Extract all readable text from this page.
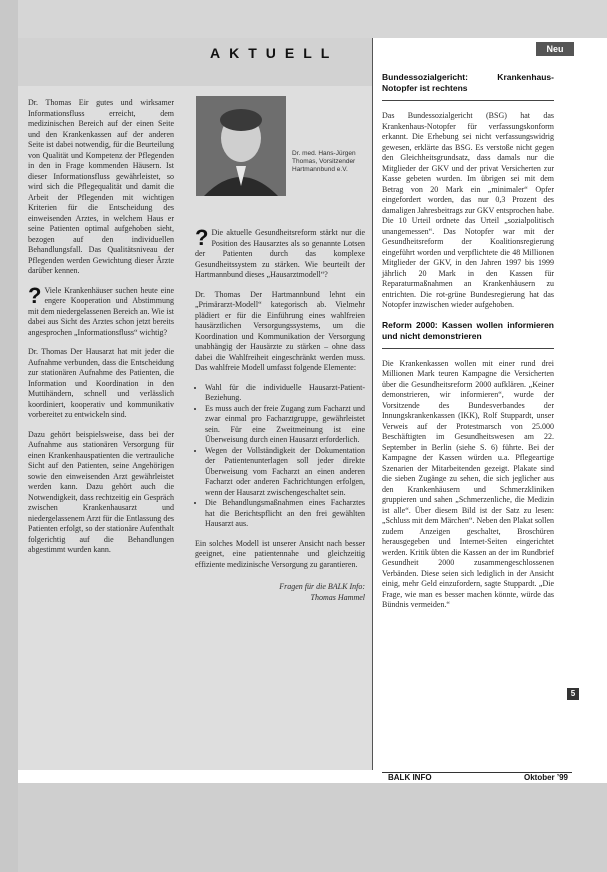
AKTUELL	Neu

Dr. Thomas Eir gutes und wirksamer Informationsfluss erreicht, dem medizinischen Bereich auf der einen Seite und den Krankenkassen auf der anderen Seite ist dabei notwendig, für die Beurteilung von Qualität und Kompetenz der Pflegenden in den in Frage kommenden Häusern. Ist dieser Informationsfluss gewährleistet, so wird sich die Pflegequalität und damit die Arbeit der Pflegenden mit wichtigen Kriterien für die Entscheidung des einweisenden Arztes, in welchem Haus er seine Patienten optimal aufgehoben sieht, bezogen auf den individuellen Behandlungsfall. Das Qualitätsniveau der Pflegenden werden Gewichtung dieser Ärzte darüber kennen.

? Viele Krankenhäuser suchen heute eine engere Kooperation und Abstimmung mit dem niedergelassenen Bereich an. Wie ist dabei aus Sicht des Arztes schon jetzt bereits angesprochen „Informationsfluss“ wichtig?

Dr. Thomas Der Hausarzt hat mit jeder die Aufnahme verbunden, dass die Entscheidung zur stationären Aufnahme des Patienten, die Information und Koordination in den Muttihändern, schnell und verlässlich koordiniert, kooperativ und kommunikativ vorbereitet zu entwickeln sind.

Dazu gehört beispielsweise, dass bei der Aufnahme aus stationären Versorgung für einen Krankenhauspatienten die vertrauliche Sicht auf den Patienten, seine Angehörigen sowie den einweisenden Arzt gewährleistet werden kann. Dazu gehört auch die Notwendigkeit, dass rechtzeitig ein Gespräch zwischen Krankenhausarzt und niedergelassenem Arzt für die Entlassung des Patienten erfolgt, so der stationäre Aufenthalt folgerichtig auf die Behandlungen abgestimmt wurden kann.

Dr. med. Hans-Jürgen Thomas, Vorsitzender Hartmannbund e.V.

? Die aktuelle Gesundheitsreform stärkt nur die Position des Hausarztes als so genannte Lotsen der Patienten durch das komplexe Gesundheitssystem zu stärken. Wie beurteilt der Hartmannbund dieses „Hausarztmodell“?

Dr. Thomas Der Hartmannbund lehnt ein „Primärarzt-Modell“ kategorisch ab. Vielmehr plädiert er für die Einführung eines wahlfreien hausärztlichen Versorgungssystems, um die Koordination und Kommunikation der Versorgung unabhängig der Hausärzte zu stärken – ohne dass dabei die Wahlfreiheit eingeschränkt werden muss. Das wahlfreie Modell umfasst folgende Elemente:

• Wahl für die individuelle Hausarzt-Patient-Beziehung.
• Es muss auch der freie Zugang zum Facharzt und zwar einmal pro Facharztgruppe, gewährleistet sein. Für eine Zweitmeinung ist eine Überweisung durch einen Hausarzt erforderlich.
• Wegen der Vollständigkeit der Dokumentation der Patientenunterlagen soll jeder direkte Überweisung vom Facharzt an einen anderen Facharzt oder anderen Fachrichtungen erfolgen, wenn der Hausarzt zwischengeschaltet sein.
• Die Behandlungsmaßnahmen eines Facharztes hat die Berichtspflicht an den frei gewählten Hausarzt aus.

Ein solches Modell ist unserer Ansicht nach besser geeignet, eine patientennahe und gleichzeitig effiziente medizinische Versorgung zu garantieren.

Fragen für die BALK Info:
Thomas Hammel
Bundessozialgericht: Krankenhaus-Notopfer ist rechtens

Das Bundessozialgericht (BSG) hat das Krankenhaus-Notopfer für verfassungskonform erkannt. Die Erhebung sei nicht verfassungswidrig gewesen, erklärte das BSG. Es verstoße nicht gegen den Gleichheitsgrundsatz, dass damals nur die Mitglieder der GKV und der privat Versicherten zur Kasse gebeten wurden. Im übrigen sei mit dem Betrag von 20 Mark ein „minimaler“ Opfer eingefordert worden, das nur 0,3 Prozent des damaligen Jahresbeitrags zur GKV entsprochen habe. Die 10 Urteil ordnete das Urteil „sozialpolitisch unangemessen“. Das Notopfer war mit der Gesundheitsreform der Koalitionsregierung eingeführt worden und verpflichtete die 48 Millionen Mitglieder der GKV, in den Jahren 1997 bis 1999 jährlich 20 Mark in den Kassen für Reparaturmaßnahmen an Krankenhäusern zu entrichten. Die rot-grüne Bundesregierung hat das Notopfer inzwischen wieder aufgehoben.

Reform 2000: Kassen wollen informieren und nicht demonstrieren

Die Krankenkassen wollen mit einer rund drei Millionen Mark teuren Kampagne die Versicherten über die Gesundheitsreform 2000 aufklären. „Keiner demonstrieren, wir informieren“, wurde der Vorsitzende des Bundesverbandes der Innungskrankenkassen (IKK), Rolf Stuppardt, unser Verweis auf der Protestmarsch von 25.000 Beschäftigten im Gesundheitswesen am 22. September in Berlin (siehe S. 6) führte. Bei der Kampagne der Kassen würden u.a. Pflegeartige Szenarien der Mitarbeitenden gezeigt. Plakate sind die sieben Zugänge zu sehen, die sich jeglicher aus den Krankenhäusern und Schmerzkliniken gruppieren und sahen „Schmerzenliche, die Medizin ist alle“. Über diesem Bild ist der Satz zu lesen: „Schluss mit dem Märchen“. Neben den Plakat sollen zudem Anzeigen geschaltet, Broschüren herausgegeben und Internet-Seiten eingerichtet werden. Kritik übten die Kassen an der im Rundbrief Gesundheit 2000 zusammengeschlossenen Verbänden. Diese seien sich lediglich in der Ansicht einig, mehr Geld einzufordern, sagte Stuppardt. „Die Frage, wie man es besser machen könnte, würde das Bündnis vermeiden.“

5
BALK INFO	Oktober ’99
